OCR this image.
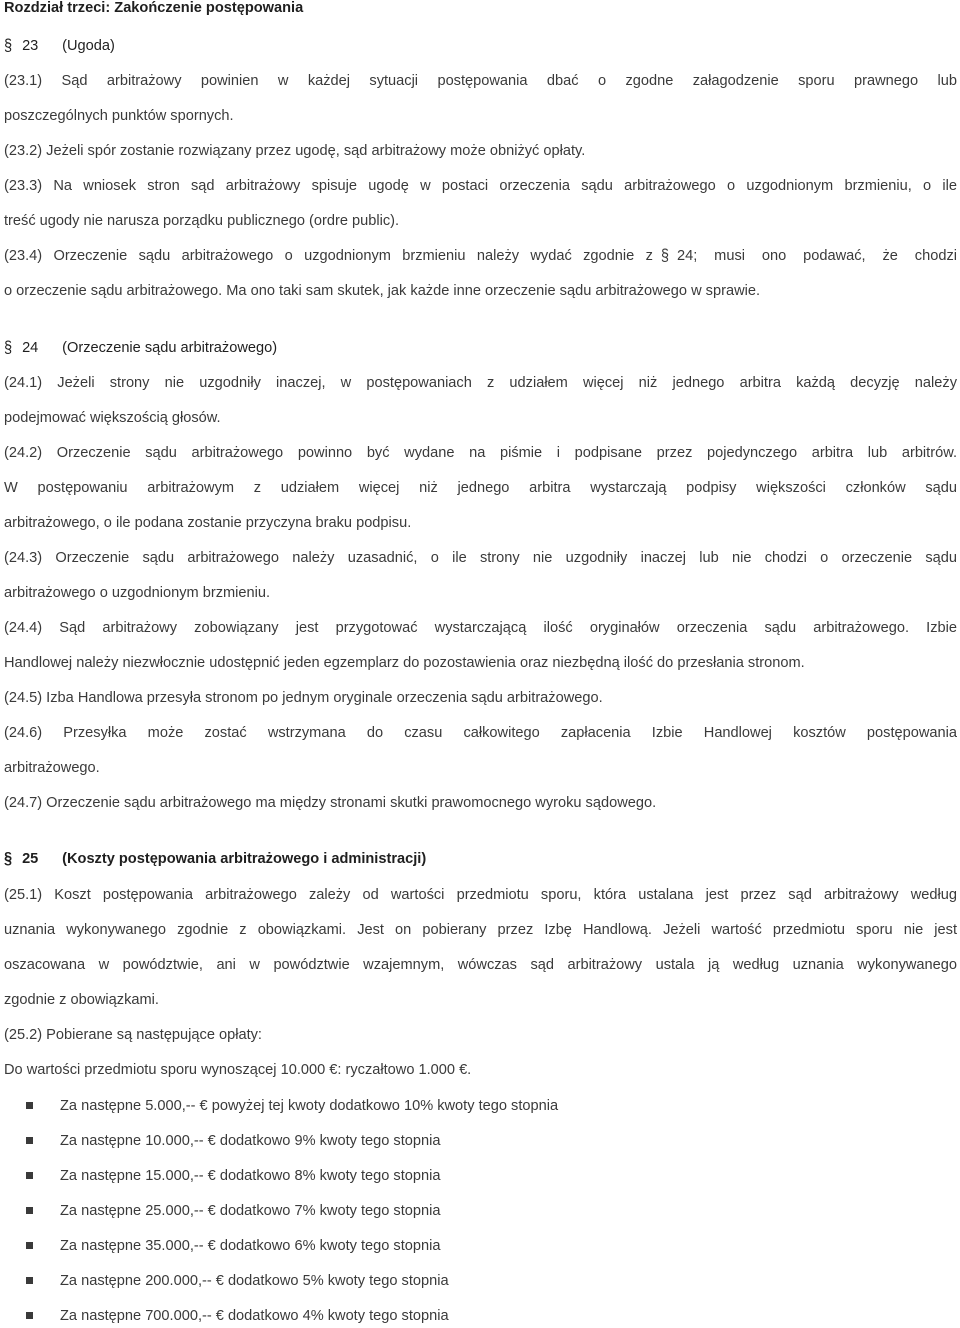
Rozdział trzeci: Zakończenie postępowania
§ 23 (Ugoda)
(23.1) Sąd arbitrażowy powinien w każdej sytuacji postępowania dbać o zgodne załagodzenie sporu prawnego lub
poszczególnych punktów spornych.
(23.2) Jeżeli spór zostanie rozwiązany przez ugodę, sąd arbitrażowy może obniżyć opłaty.
(23.3) Na wniosek stron sąd arbitrażowy spisuje ugodę w postaci orzeczenia sądu arbitrażowego o uzgodnionym brzmieniu, o ile
treść ugody nie narusza porządku publicznego (ordre public).
(23.4) Orzeczenie sądu arbitrażowego o uzgodnionym brzmieniu należy wydać zgodnie z § 24; musi ono podawać, że chodzi
o orzeczenie sądu arbitrażowego. Ma ono taki sam skutek, jak każde inne orzeczenie sądu arbitrażowego w sprawie.
§ 24 (Orzeczenie sądu arbitrażowego)
(24.1) Jeżeli strony nie uzgodniły inaczej, w postępowaniach z udziałem więcej niż jednego arbitra każdą decyzję należy
podejmować większością głosów.
(24.2) Orzeczenie sądu arbitrażowego powinno być wydane na piśmie i podpisane przez pojedynczego arbitra lub arbitrów.
W postępowaniu arbitrażowym z udziałem więcej niż jednego arbitra wystarczają podpisy większości członków sądu
arbitrażowego, o ile podana zostanie przyczyna braku podpisu.
(24.3) Orzeczenie sądu arbitrażowego należy uzasadnić, o ile strony nie uzgodniły inaczej lub nie chodzi o orzeczenie sądu
arbitrażowego o uzgodnionym brzmieniu.
(24.4) Sąd arbitrażowy zobowiązany jest przygotować wystarczającą ilość oryginałów orzeczenia sądu arbitrażowego. Izbie
Handlowej należy niezwłocznie udostępnić jeden egzemplarz do pozostawienia oraz niezbędną ilość do przesłania stronom.
(24.5) Izba Handlowa przesyła stronom po jednym oryginale orzeczenia sądu arbitrażowego.
(24.6) Przesyłka może zostać wstrzymana do czasu całkowitego zapłacenia Izbie Handlowej kosztów postępowania
arbitrażowego.
(24.7) Orzeczenie sądu arbitrażowego ma między stronami skutki prawomocnego wyroku sądowego.
§ 25 (Koszty postępowania arbitrażowego i administracji)
(25.1) Koszt postępowania arbitrażowego zależy od wartości przedmiotu sporu, która ustalana jest przez sąd arbitrażowy według
uznania wykonywanego zgodnie z obowiązkami. Jest on pobierany przez Izbę Handlową. Jeżeli wartość przedmiotu sporu nie jest
oszacowana w powództwie, ani w powództwie wzajemnym, wówczas sąd arbitrażowy ustala ją według uznania wykonywanego
zgodnie z obowiązkami.
(25.2) Pobierane są następujące opłaty:
Do wartości przedmiotu sporu wynoszącej 10.000 €: ryczałtowo 1.000 €.
Za następne 5.000,-- € powyżej tej kwoty dodatkowo 10% kwoty tego stopnia
Za następne 10.000,-- € dodatkowo 9% kwoty tego stopnia
Za następne 15.000,-- € dodatkowo 8% kwoty tego stopnia
Za następne 25.000,-- € dodatkowo 7% kwoty tego stopnia
Za następne 35.000,-- € dodatkowo 6% kwoty tego stopnia
Za następne 200.000,-- € dodatkowo 5% kwoty tego stopnia
Za następne 700.000,-- € dodatkowo 4% kwoty tego stopnia
